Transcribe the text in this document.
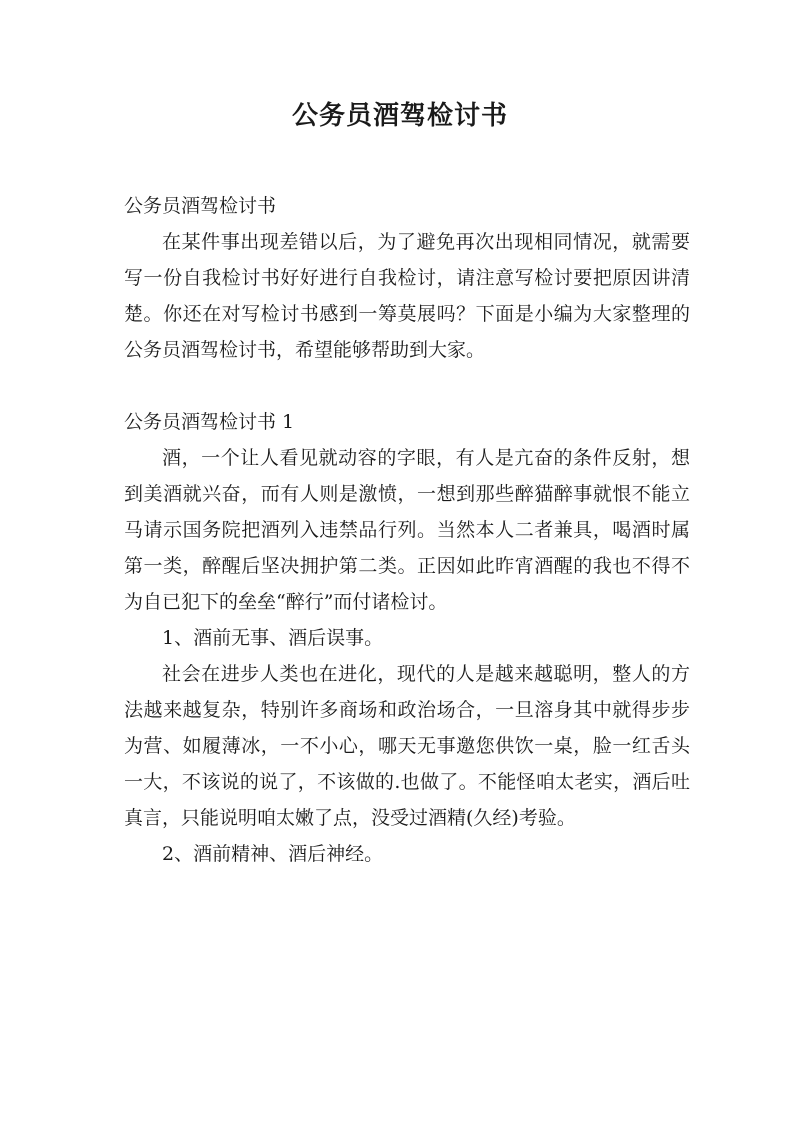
公务员酒驾检讨书

公务员酒驾检讨书

在某件事出现差错以后，为了避免再次出现相同情况，就需要写一份自我检讨书好好进行自我检讨，请注意写检讨要把原因讲清楚。你还在对写检讨书感到一筹莫展吗？下面是小编为大家整理的公务员酒驾检讨书，希望能够帮助到大家。

公务员酒驾检讨书 1

酒，一个让人看见就动容的字眼，有人是亢奋的条件反射，想到美酒就兴奋，而有人则是激愤，一想到那些醉猫醉事就恨不能立马请示国务院把酒列入违禁品行列。当然本人二者兼具，喝酒时属第一类，醉醒后坚决拥护第二类。正因如此昨宵酒醒的我也不得不为自已犯下的垒垒“醉行”而付诸检讨。

1、酒前无事、酒后误事。

社会在进步人类也在进化，现代的人是越来越聪明，整人的方法越来越复杂，特别许多商场和政治场合，一旦溶身其中就得步步为营、如履薄冰，一不小心，哪天无事邀您供饮一桌，脸一红舌头一大，不该说的说了，不该做的.也做了。不能怪咱太老实，酒后吐真言，只能说明咱太嫩了点，没受过酒精(久经)考验。

2、酒前精神、酒后神经。
